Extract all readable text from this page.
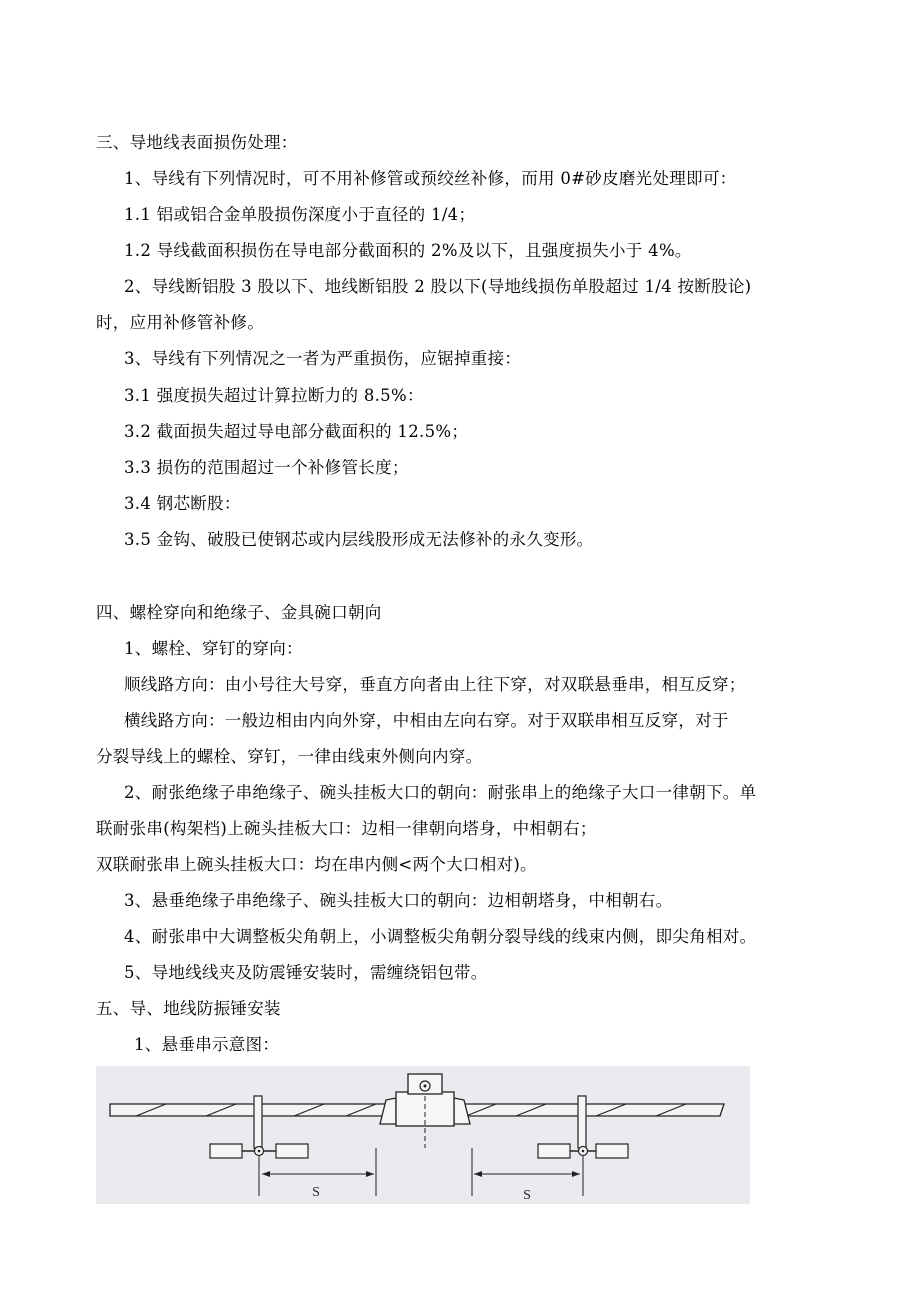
三、导地线表面损伤处理：
1、导线有下列情况时，可不用补修管或预绞丝补修，而用 0#砂皮磨光处理即可：
1.1 铝或铝合金单股损伤深度小于直径的 1/4；
1.2 导线截面积损伤在导电部分截面积的 2%及以下，且强度损失小于 4%。
2、导线断铝股 3 股以下、地线断铝股 2 股以下(导地线损伤单股超过 1/4 按断股论)
时，应用补修管补修。
3、导线有下列情况之一者为严重损伤，应锯掉重接：
3.1 强度损失超过计算拉断力的 8.5%：
3.2 截面损失超过导电部分截面积的 12.5%；
3.3 损伤的范围超过一个补修管长度；
3.4 钢芯断股：
3.5 金钩、破股已使钢芯或内层线股形成无法修补的永久变形。
四、螺栓穿向和绝缘子、金具碗口朝向
1、螺栓、穿钉的穿向：
顺线路方向：由小号往大号穿，垂直方向者由上往下穿，对双联悬垂串，相互反穿；
横线路方向：一般边相由内向外穿，中相由左向右穿。对于双联串相互反穿，对于
分裂导线上的螺栓、穿钉，一律由线束外侧向内穿。
2、耐张绝缘子串绝缘子、碗头挂板大口的朝向：耐张串上的绝缘子大口一律朝下。单
联耐张串(构架档)上碗头挂板大口：边相一律朝向塔身，中相朝右；
双联耐张串上碗头挂板大口：均在串内侧<两个大口相对)。
3、悬垂绝缘子串绝缘子、碗头挂板大口的朝向：边相朝塔身，中相朝右。
4、耐张串中大调整板尖角朝上，小调整板尖角朝分裂导线的线束内侧，即尖角相对。
5、导地线线夹及防震锤安装时，需缠绕铝包带。
五、导、地线防振锤安装
1、悬垂串示意图：
S	S
